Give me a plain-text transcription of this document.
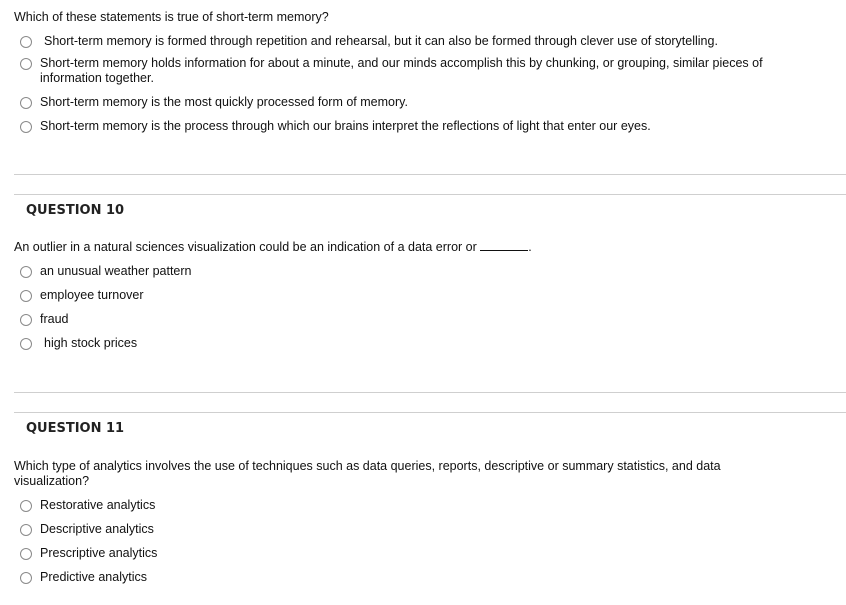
Which of these statements is true of short-term memory?
Short-term memory is formed through repetition and rehearsal, but it can also be formed through clever use of storytelling.
Short-term memory holds information for about a minute, and our minds accomplish this by chunking, or grouping, similar pieces of information together.
Short-term memory is the most quickly processed form of memory.
Short-term memory is the process through which our brains interpret the reflections of light that enter our eyes.
QUESTION 10
An outlier in a natural sciences visualization could be an indication of a data error or	.
an unusual weather pattern
employee turnover
fraud
high stock prices
QUESTION 11
Which type of analytics involves the use of techniques such as data queries, reports, descriptive or summary statistics, and data visualization?
Restorative analytics
Descriptive analytics
Prescriptive analytics
Predictive analytics
